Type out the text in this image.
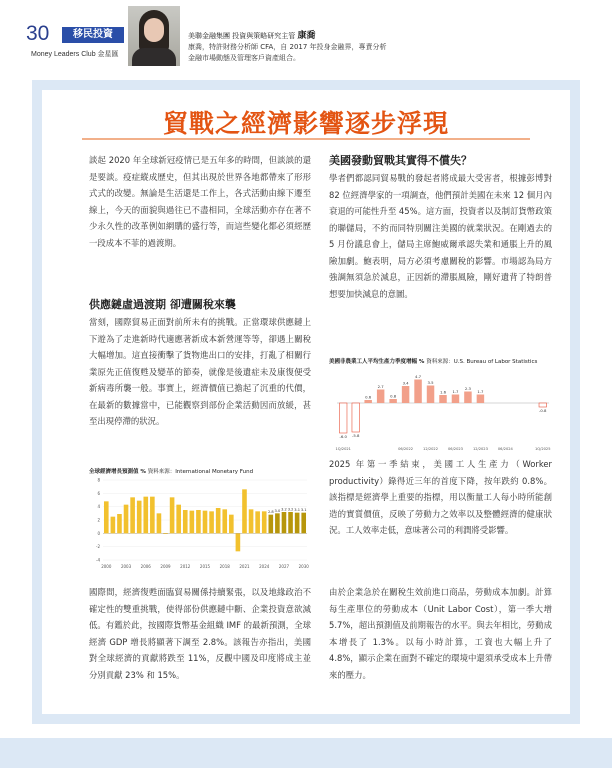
30	移民投資
Money Leaders Club 金星匯
美聯金融集團 投資與策略研究主管 康喬
康喬，特許財務分析師 CFA，自 2017 年投身金融界，專責分析金融市場動態及管理客戶資產組合。
貿戰之經濟影響逐步浮現

談起 2020 年全球新冠疫情已是五年多的時間，但談談的還是要談。疫症縱成歷史，但其出現於世界各地都帶來了形形式式的改變。無論是生活還是工作上，各式活動由線下遷至線上，今天的面貌與過往已不盡相同，全球活動亦存在著不少永久性的改革例如網購的盛行等，而這些變化都必須經歷一段成本不菲的過渡期。

供應鏈虛過渡期 卻遭關稅來襲

當刻，國際貿易正面對前所未有的挑戰。正當環球供應鏈上下遊為了走進新時代適應著新成本新營運等等，卻遇上關稅大幅增加。這直接衝擊了貨物進出口的安排，打亂了相關行業原先正值復甦及變革的節奏，就像是後遺症未及康復便受新病毒所襲一般。事實上，經濟價值已擔起了沉重的代價，在最新的數據當中，已能觀察到部份企業活動因而放緩，甚至出現停滯的狀況。

全球經濟增長預測值 % 資料來源：International Monetary Fund
-4
-2
0
2
4
6
8
2.8 3.0 3.2 3.2 3.1 3.1
2000 2003 2006 2009 2012 2015 2018 2021 2024 2027 2030

國際間，經濟復甦面臨貿易關係持續緊張，以及地緣政治不確定性的雙重挑戰，使得部份供應鏈中斷、企業投資意欲減低。有鑑於此，按國際貨幣基金組織 IMF 的最新預測，全球經濟 GDP 增長將顯著下調至 2.8%。該報告亦指出，美國對全球經濟的貢獻將跌至 11%，反觀中國及印度將成主並分別貢獻 23% 和 15%。

美國發動貿戰其實得不償失？

學者們都認同貿易戰的發起者將成最大受害者，根據彭博對 82 位經濟學家的一項調查，他們預計美國在未來 12 個月內衰退的可能性升至 45%。這方面，投資者以及制訂貨幣政策的聯儲局，不約而同特別關注美國的就業狀況。在剛過去的 5 月份議息會上，儲局主席鮑威爾承認失業和通脹上升的風險加劇。鮑表明，局方必須考慮關稅的影響。市場認為局方強調無須急於減息，正因新的滯脹風險，剛好遺背了特朗普想要加快減息的意圖。

美國非農業工人平均生產力季度增幅 % 資料來源：U.S. Bureau of Labor Statistics
-6.0 -5.8
0.6
2.7
0.8
3.4
4.7
3.5
1.6 1.7
2.3
1.7
-0.8
1Q/2021	06/2022	12/2022	06/2023	12/2023	06/2024	1Q/2025

2025 年第一季結束，美國工人生產力（Worker productivity）錄得近三年的首度下降，按年跌約 0.8%。該指標是經濟學上重要的指標，用以衡量工人每小時所能創造的實質價值，反映了勞動力之效率以及整體經濟的健康狀況。工人效率走低，意味著公司的利潤將受影響。

由於企業急於在關稅生效前進口商品，勞動成本加劇。計算每生產單位的勞動成本（Unit Labor Cost），第一季大增 5.7%，超出預測值及前期報告的水平。與去年相比，勞動成本增長了 1.3%。以每小時計算，工資也大幅上升了 4.8%，顯示企業在面對不確定的環境中還須承受成本上升帶來的壓力。
